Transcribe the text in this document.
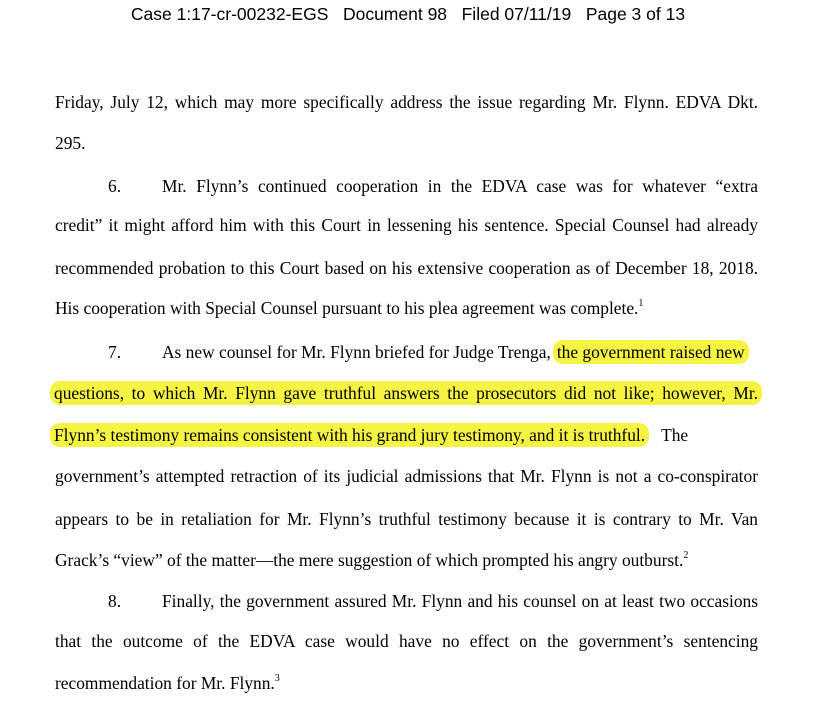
Case 1:17-cr-00232-EGS   Document 98   Filed 07/11/19   Page 3 of 13
Friday, July 12, which may more specifically address the issue regarding Mr. Flynn. EDVA Dkt.
295.
6. Mr. Flynn’s continued cooperation in the EDVA case was for whatever “extra
credit” it might afford him with this Court in lessening his sentence. Special Counsel had already
recommended probation to this Court based on his extensive cooperation as of December 18, 2018.
His cooperation with Special Counsel pursuant to his plea agreement was complete.$^1$
7. As new counsel for Mr. Flynn briefed for Judge Trenga, the government raised new
questions, to which Mr. Flynn gave truthful answers the prosecutors did not like; however, Mr.
Flynn’s testimony remains consistent with his grand jury testimony, and it is truthful. The
government’s attempted retraction of its judicial admissions that Mr. Flynn is not a co-conspirator
appears to be in retaliation for Mr. Flynn’s truthful testimony because it is contrary to Mr. Van
Grack’s “view” of the matter—the mere suggestion of which prompted his angry outburst.$^2$
8. Finally, the government assured Mr. Flynn and his counsel on at least two occasions
that the outcome of the EDVA case would have no effect on the government’s sentencing
recommendation for Mr. Flynn.$^3$
